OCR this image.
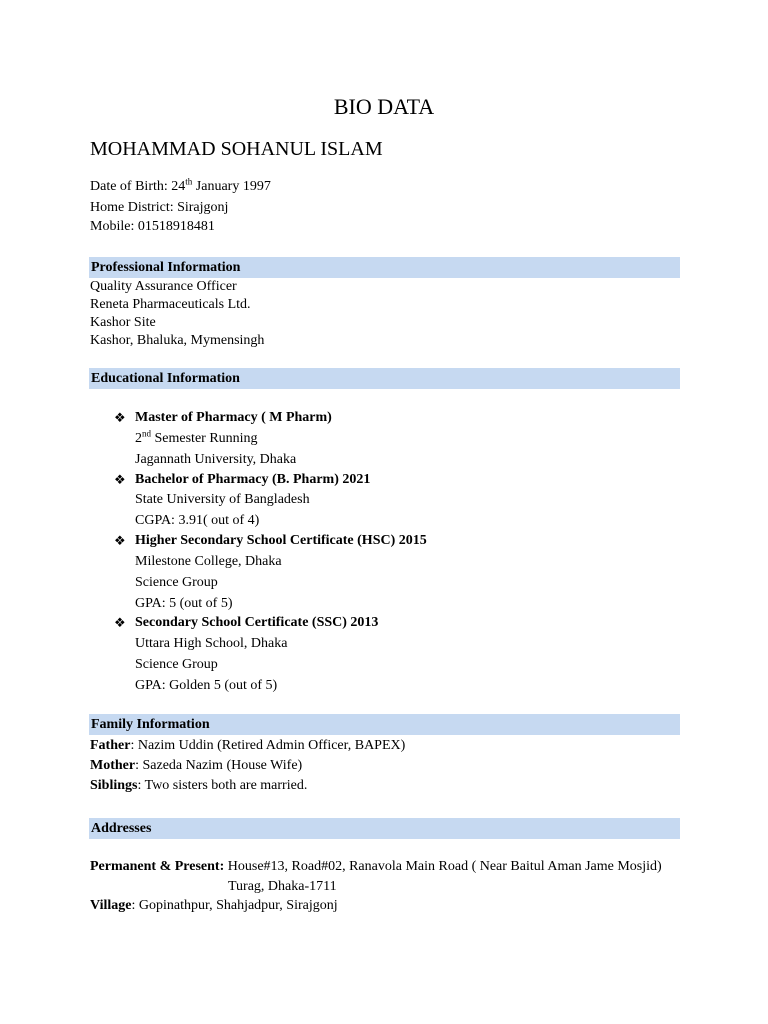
BIO DATA
MOHAMMAD SOHANUL ISLAM
Date of Birth: 24th January 1997
Home District: Sirajgonj
Mobile: 01518918481
Professional Information
Quality Assurance Officer
Reneta Pharmaceuticals Ltd.
Kashor Site
Kashor, Bhaluka, Mymensingh
Educational Information
❖ Master of Pharmacy ( M Pharm)
2nd Semester Running
Jagannath University, Dhaka
❖ Bachelor of Pharmacy (B. Pharm) 2021
State University of Bangladesh
CGPA: 3.91( out of 4)
❖ Higher Secondary School Certificate (HSC) 2015
Milestone College, Dhaka
Science Group
GPA: 5 (out of 5)
❖ Secondary School Certificate (SSC) 2013
Uttara High School, Dhaka
Science Group
GPA: Golden 5 (out of 5)
Family Information
Father: Nazim Uddin (Retired Admin Officer, BAPEX)
Mother: Sazeda Nazim (House Wife)
Siblings: Two sisters both are married.
Addresses
Permanent & Present: House#13, Road#02, Ranavola Main Road ( Near Baitul Aman Jame Mosjid)
Turag, Dhaka-1711
Village: Gopinathpur, Shahjadpur, Sirajgonj
